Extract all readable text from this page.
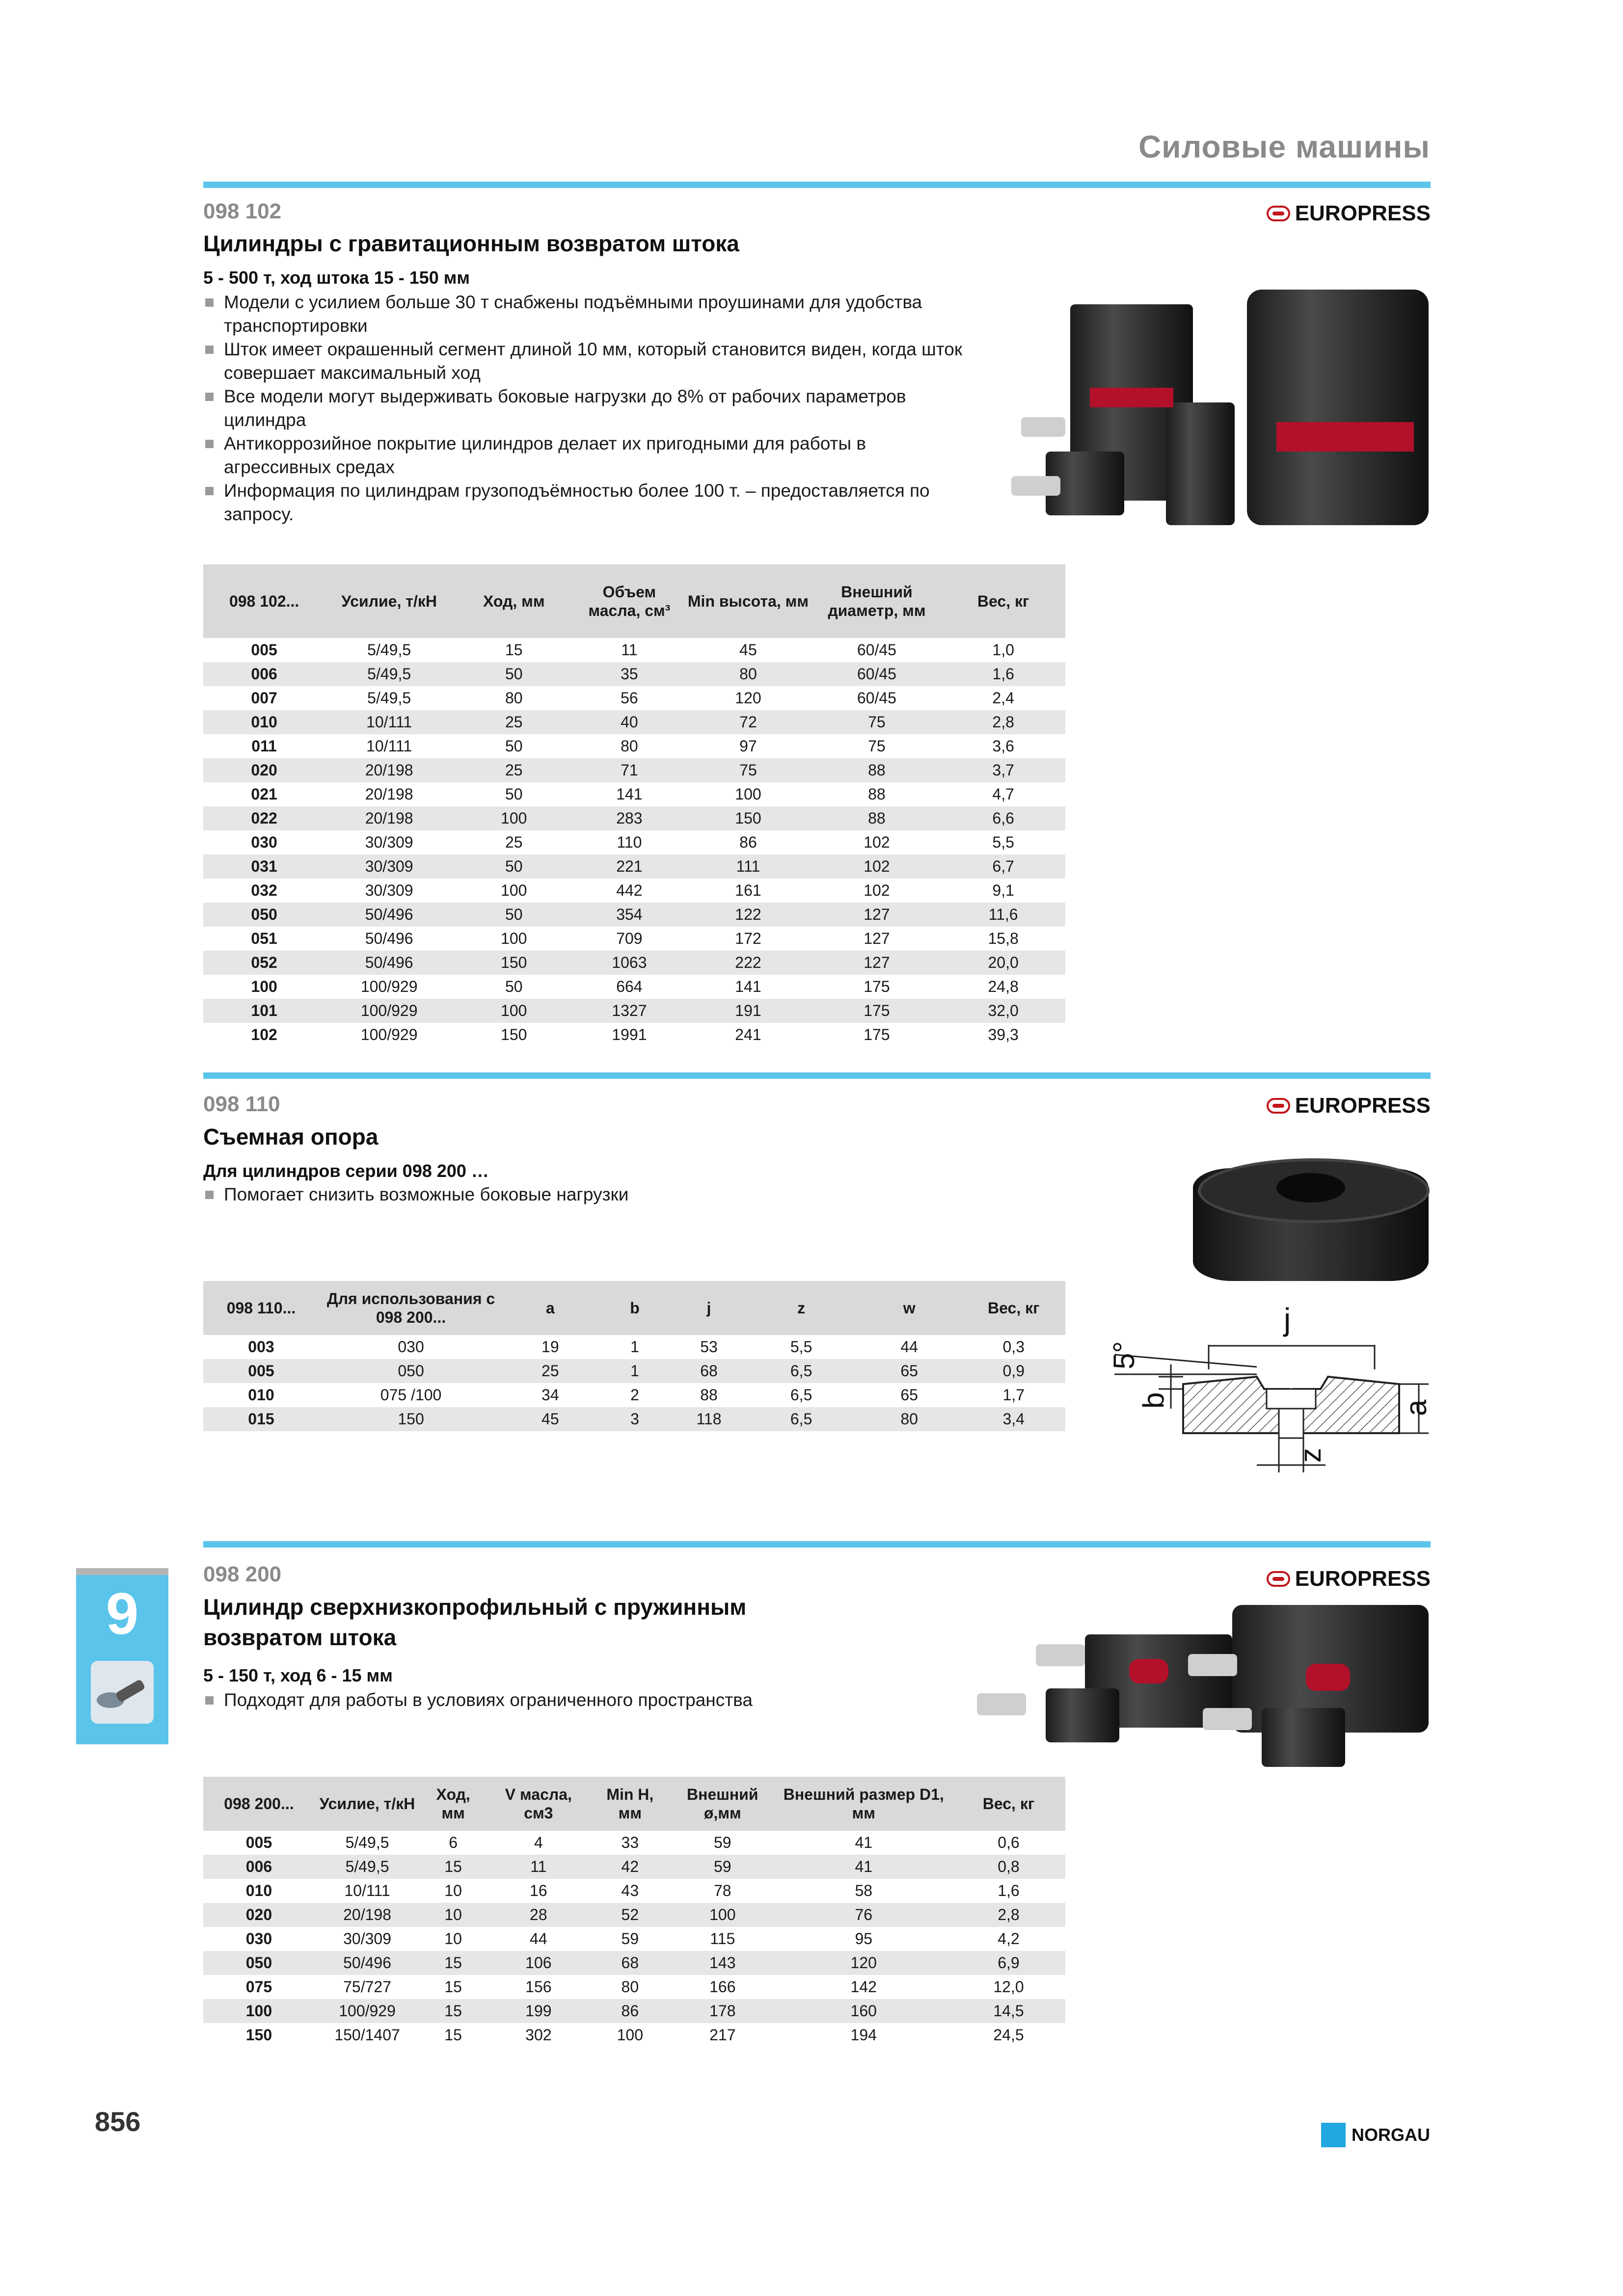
Силовые машины
098 102	EUROPRESS
Цилиндры с гравитационным возвратом штока
5 - 500 т, ход штока 15 - 150 мм
Модели с усилием больше 30 т снабжены подъёмными проушинами для удобства транспортировки
Шток имеет окрашенный сегмент длиной 10 мм, который становится виден, когда шток совершает максимальный ход
Все модели могут выдерживать боковые нагрузки до 8% от рабочих параметров цилиндра
Антикоррозийное покрытие цилиндров делает их пригодными для работы в агрессивных средах
Информация по цилиндрам грузоподъёмностью более 100 т. – предоставляется по запросу.
098 102...	Усилие, т/кН	Ход, мм	Объем масла, см³	Min высота, мм	Внешний диаметр, мм	Вес, кг
005	5/49,5	15	11	45	60/45	1,0
006	5/49,5	50	35	80	60/45	1,6
007	5/49,5	80	56	120	60/45	2,4
010	10/111	25	40	72	75	2,8
011	10/111	50	80	97	75	3,6
020	20/198	25	71	75	88	3,7
021	20/198	50	141	100	88	4,7
022	20/198	100	283	150	88	6,6
030	30/309	25	110	86	102	5,5
031	30/309	50	221	111	102	6,7
032	30/309	100	442	161	102	9,1
050	50/496	50	354	122	127	11,6
051	50/496	100	709	172	127	15,8
052	50/496	150	1063	222	127	20,0
100	100/929	50	664	141	175	24,8
101	100/929	100	1327	191	175	32,0
102	100/929	150	1991	241	175	39,3
098 110	EUROPRESS
Съемная опора
Для цилиндров серии 098 200 …
Помогает снизить возможные боковые нагрузки
098 110...	Для использования с 098 200...	a	b	j	z	w	Вес, кг
003	030	19	1	53	5,5	44	0,3
005	050	25	1	68	6,5	65	0,9
010	075 /100	34	2	88	6,5	65	1,7
015	150	45	3	118	6,5	80	3,4
j
5°
b	a
z
098 200	EUROPRESS
Цилиндр сверхнизкопрофильный с пружинным
возвратом штока
5 - 150 т, ход 6 - 15 мм
Подходят для работы в условиях ограниченного пространства
098 200...	Усилие, т/кН	Ход, мм	V масла, см3	Min H, мм	Внешний ø,мм	Внешний размер D1, мм	Вес, кг
005	5/49,5	6	4	33	59	41	0,6
006	5/49,5	15	11	42	59	41	0,8
010	10/111	10	16	43	78	58	1,6
020	20/198	10	28	52	100	76	2,8
030	30/309	10	44	59	115	95	4,2
050	50/496	15	106	68	143	120	6,9
075	75/727	15	156	80	166	142	12,0
100	100/929	15	199	86	178	160	14,5
150	150/1407	15	302	100	217	194	24,5
9
856	NORGAU
